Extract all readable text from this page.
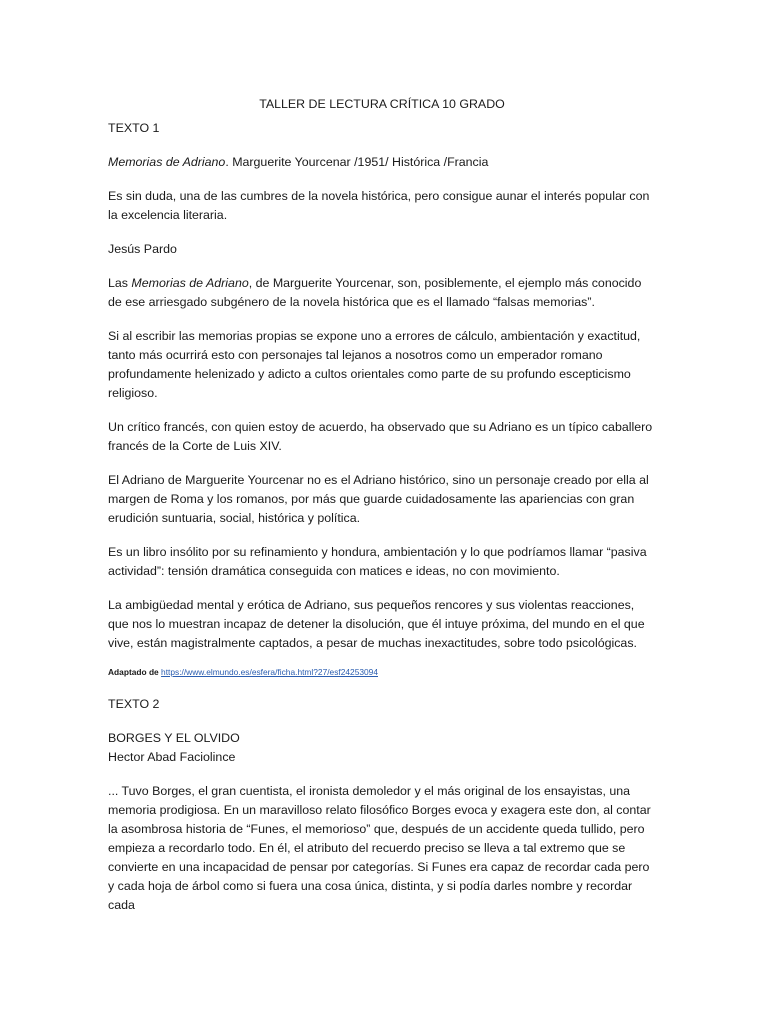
TALLER DE LECTURA CRÍTICA 10 GRADO

TEXTO 1

Memorias de Adriano. Marguerite Yourcenar /1951/ Histórica /Francia

Es sin duda, una de las cumbres de la novela histórica, pero consigue aunar el interés popular con la excelencia literaria.

Jesús Pardo

Las Memorias de Adriano, de Marguerite Yourcenar, son, posiblemente, el ejemplo más conocido de ese arriesgado subgénero de la novela histórica que es el llamado “falsas memorias”.

Si al escribir las memorias propias se expone uno a errores de cálculo, ambientación y exactitud, tanto más ocurrirá esto con personajes tal lejanos a nosotros como un emperador romano profundamente helenizado y adicto a cultos orientales como parte de su profundo escepticismo religioso.

Un crítico francés, con quien estoy de acuerdo, ha observado que su Adriano es un típico caballero francés de la Corte de Luis XIV.

El Adriano de Marguerite Yourcenar no es el Adriano histórico, sino un personaje creado por ella al margen de Roma y los romanos, por más que guarde cuidadosamente las apariencias con gran erudición suntuaria, social, histórica y política.

Es un libro insólito por su refinamiento y hondura, ambientación y lo que podríamos llamar “pasiva actividad”: tensión dramática conseguida con matices e ideas, no con movimiento.

La ambigüedad mental y erótica de Adriano, sus pequeños rencores y sus violentas reacciones, que nos lo muestran incapaz de detener la disolución, que él intuye próxima, del mundo en el que vive, están magistralmente captados, a pesar de muchas inexactitudes, sobre todo psicológicas.

Adaptado de https://www.elmundo.es/esfera/ficha.html?27/esf24253094

TEXTO 2

BORGES Y EL OLVIDO

Hector Abad Faciolince

... Tuvo Borges, el gran cuentista, el ironista demoledor y el más original de los ensayistas, una memoria prodigiosa. En un maravilloso relato filosófico Borges evoca y exagera este don, al contar la asombrosa historia de “Funes, el memorioso” que, después de un accidente queda tullido, pero empieza a recordarlo todo. En él, el atributo del recuerdo preciso se lleva a tal extremo que se convierte en una incapacidad de pensar por categorías. Si Funes era capaz de recordar cada pero y cada hoja de árbol como si fuera una cosa única, distinta, y si podía darles nombre y recordar cada
